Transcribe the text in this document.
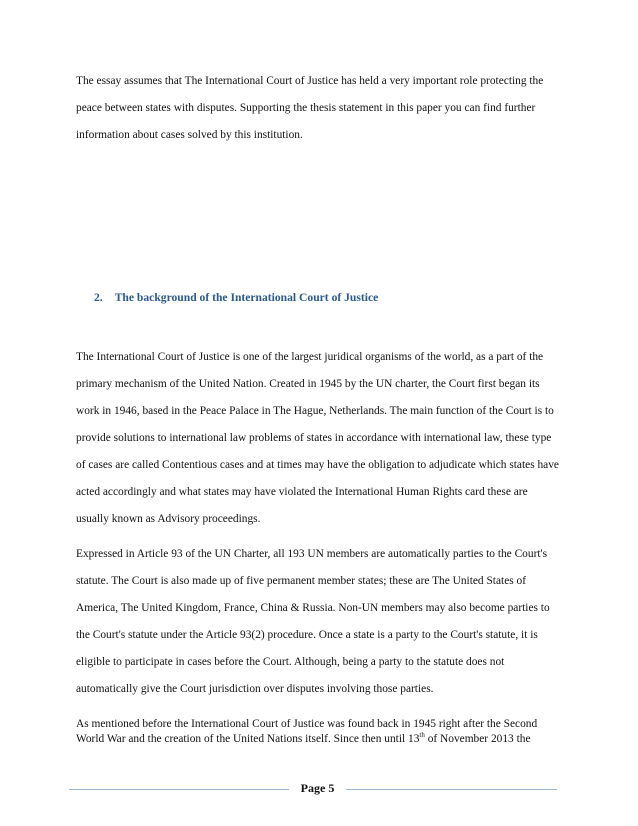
The essay assumes that The International Court of Justice has held a very important role protecting the
peace between states with disputes. Supporting the thesis statement in this paper you can find further
information about cases solved by this institution.
2. The background of the International Court of Justice
The International Court of Justice is one of the largest juridical organisms of the world, as a part of the
primary mechanism of the United Nation. Created in 1945 by the UN charter, the Court first began its
work in 1946, based in the Peace Palace in The Hague, Netherlands. The main function of the Court is to
provide solutions to international law problems of states in accordance with international law, these type
of cases are called Contentious cases and at times may have the obligation to adjudicate which states have
acted accordingly and what states may have violated the International Human Rights card these are
usually known as Advisory proceedings.
Expressed in Article 93 of the UN Charter, all 193 UN members are automatically parties to the Court's
statute. The Court is also made up of five permanent member states; these are The United States of
America, The United Kingdom, France, China & Russia. Non-UN members may also become parties to
the Court's statute under the Article 93(2) procedure. Once a state is a party to the Court's statute, it is
eligible to participate in cases before the Court. Although, being a party to the statute does not
automatically give the Court jurisdiction over disputes involving those parties.
As mentioned before the International Court of Justice was found back in 1945 right after the Second
World War and the creation of the United Nations itself. Since then until 13th of November 2013 the
Page 5
